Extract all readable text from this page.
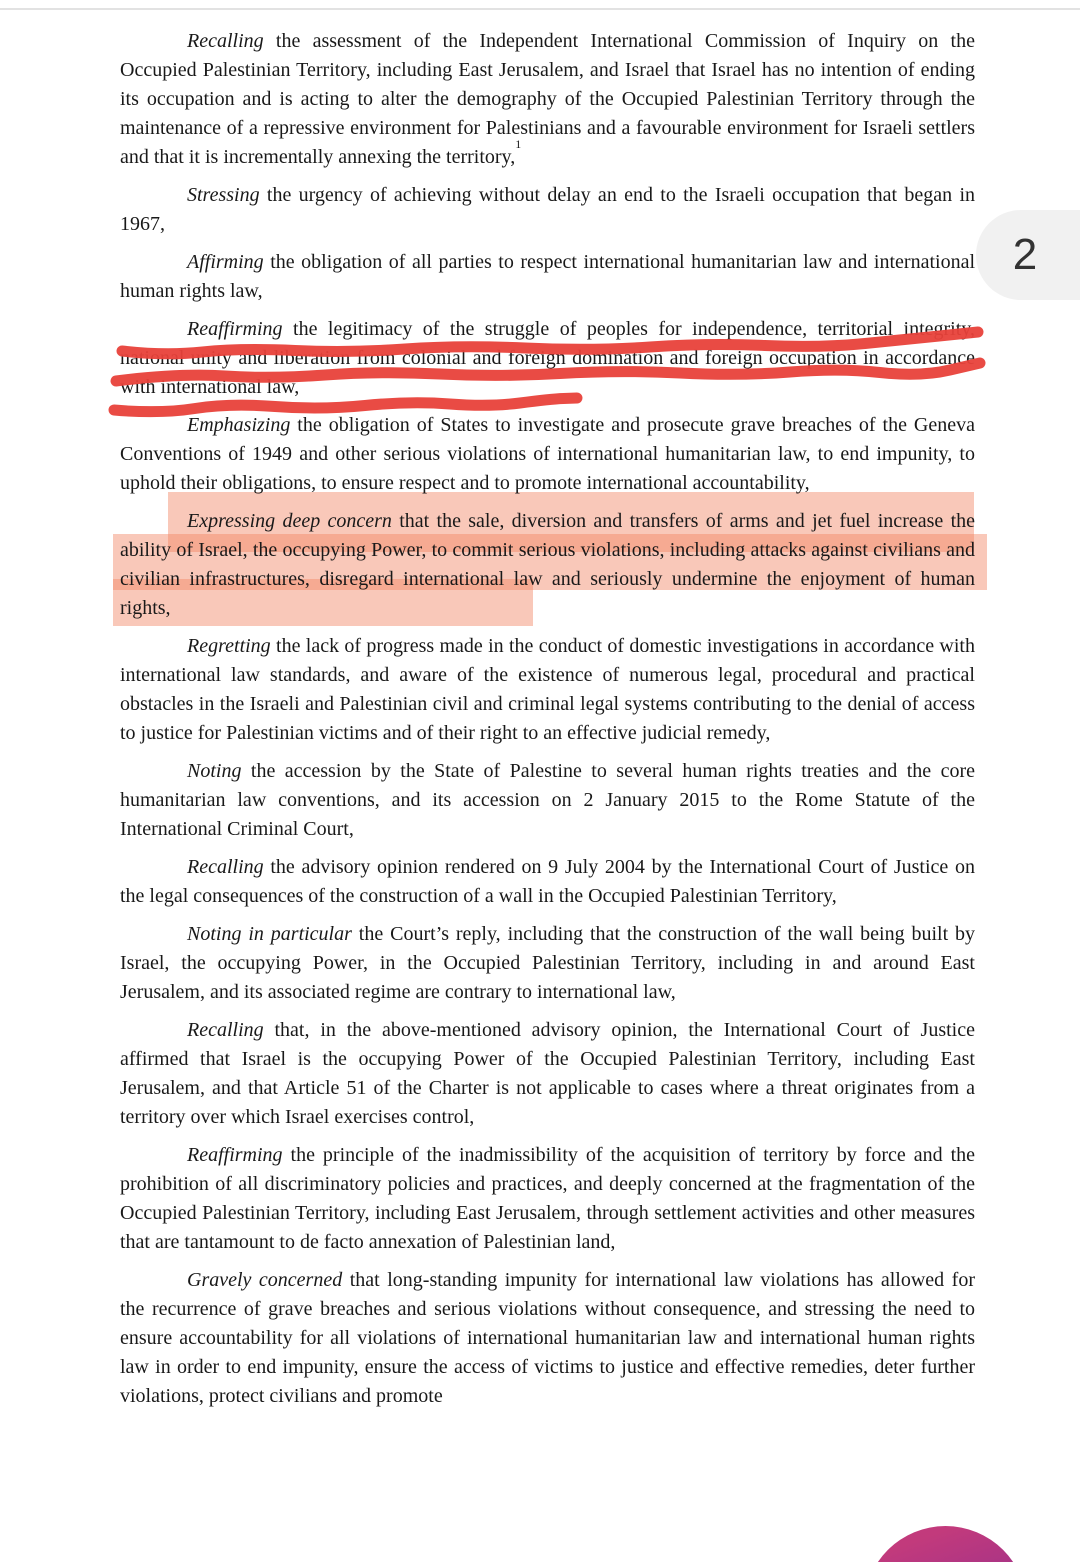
Recalling the assessment of the Independent International Commission of Inquiry on the Occupied Palestinian Territory, including East Jerusalem, and Israel that Israel has no intention of ending its occupation and is acting to alter the demography of the Occupied Palestinian Territory through the maintenance of a repressive environment for Palestinians and a favourable environment for Israeli settlers and that it is incrementally annexing the territory,$^1$

Stressing the urgency of achieving without delay an end to the Israeli occupation that began in 1967,

Affirming the obligation of all parties to respect international humanitarian law and international human rights law,

Reaffirming the legitimacy of the struggle of peoples for independence, territorial integrity, national unity and liberation from colonial and foreign domination and foreign occupation in accordance with international law,

Emphasizing the obligation of States to investigate and prosecute grave breaches of the Geneva Conventions of 1949 and other serious violations of international humanitarian law, to end impunity, to uphold their obligations, to ensure respect and to promote international accountability,

Expressing deep concern that the sale, diversion and transfers of arms and jet fuel increase the ability of Israel, the occupying Power, to commit serious violations, including attacks against civilians and civilian infrastructures, disregard international law and seriously undermine the enjoyment of human rights,

Regretting the lack of progress made in the conduct of domestic investigations in accordance with international law standards, and aware of the existence of numerous legal, procedural and practical obstacles in the Israeli and Palestinian civil and criminal legal systems contributing to the denial of access to justice for Palestinian victims and of their right to an effective judicial remedy,

Noting the accession by the State of Palestine to several human rights treaties and the core humanitarian law conventions, and its accession on 2 January 2015 to the Rome Statute of the International Criminal Court,

Recalling the advisory opinion rendered on 9 July 2004 by the International Court of Justice on the legal consequences of the construction of a wall in the Occupied Palestinian Territory,

Noting in particular the Court’s reply, including that the construction of the wall being built by Israel, the occupying Power, in the Occupied Palestinian Territory, including in and around East Jerusalem, and its associated regime are contrary to international law,

Recalling that, in the above-mentioned advisory opinion, the International Court of Justice affirmed that Israel is the occupying Power of the Occupied Palestinian Territory, including East Jerusalem, and that Article 51 of the Charter is not applicable to cases where a threat originates from a territory over which Israel exercises control,

Reaffirming the principle of the inadmissibility of the acquisition of territory by force and the prohibition of all discriminatory policies and practices, and deeply concerned at the fragmentation of the Occupied Palestinian Territory, including East Jerusalem, through settlement activities and other measures that are tantamount to de facto annexation of Palestinian land,

Gravely concerned that long-standing impunity for international law violations has allowed for the recurrence of grave breaches and serious violations without consequence, and stressing the need to ensure accountability for all violations of international humanitarian law and international human rights law in order to end impunity, ensure the access of victims to justice and effective remedies, deter further violations, protect civilians and promote

2
